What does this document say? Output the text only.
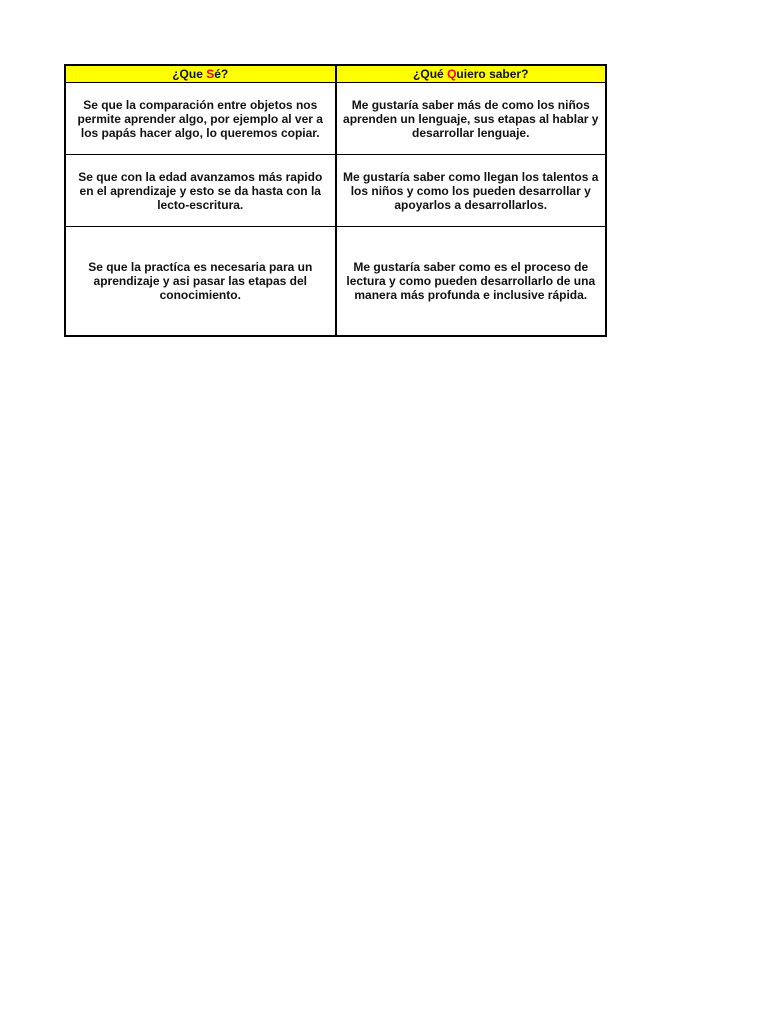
¿Que Sé?	¿Qué Quiero saber?
Se que la comparación entre objetos nos permite aprender algo, por ejemplo al ver a los papás hacer algo, lo queremos copiar.	Me gustaría saber más de como los niños aprenden un lenguaje, sus etapas al hablar y desarrollar lenguaje.
Se que con la edad avanzamos más rapido en el aprendizaje y esto se da hasta con la lecto-escritura.	Me gustaría saber como llegan los talentos a los niños y como los pueden desarrollar y apoyarlos a desarrollarlos.
Se que la practíca es necesaria para un aprendizaje y asi pasar las etapas del conocimiento.	Me gustaría saber como es el proceso de lectura y como pueden desarrollarlo de una manera más profunda e inclusive rápida.
